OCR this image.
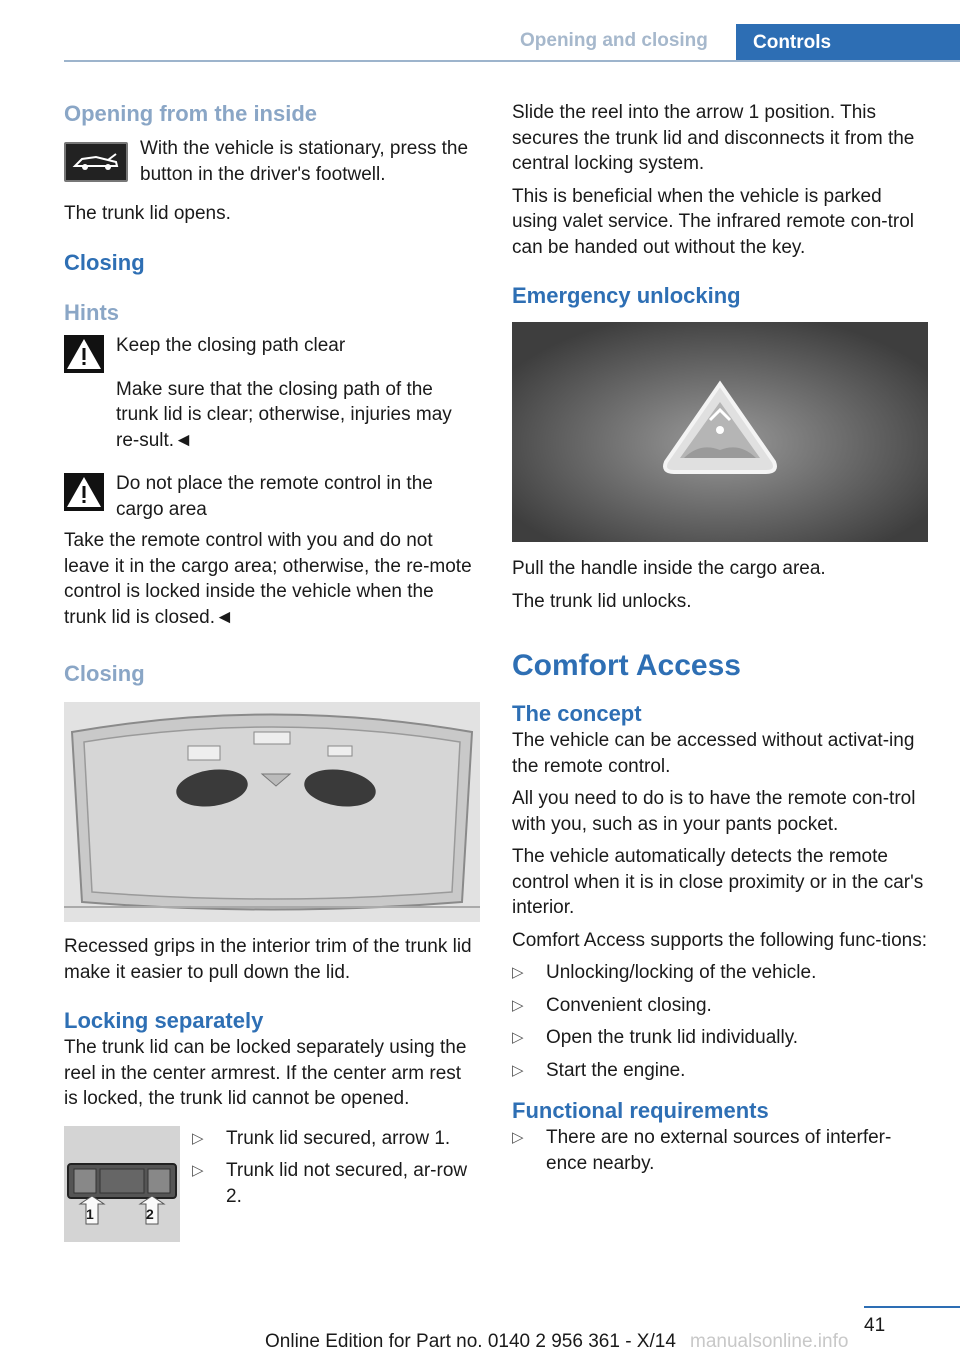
Opening and closing	Controls
Opening from the inside

With the vehicle is stationary, press the button in the driver's footwell.

The trunk lid opens.

Closing
Hints

Keep the closing path clear

Make sure that the closing path of the trunk lid is clear; otherwise, injuries may re-sult.◄

Do not place the remote control in the cargo area

Take the remote control with you and do not leave it in the cargo area; otherwise, the re-mote control is locked inside the vehicle when the trunk lid is closed.◄

Closing

Recessed grips in the interior trim of the trunk lid make it easier to pull down the lid.

Locking separately

The trunk lid can be locked separately using the reel in the center armrest. If the center arm rest is locked, the trunk lid cannot be opened.

1	2
▷ Trunk lid secured, arrow 1.
▷ Trunk lid not secured, ar-row 2.

Slide the reel into the arrow 1 position. This secures the trunk lid and disconnects it from the central locking system.

This is beneficial when the vehicle is parked using valet service. The infrared remote con-trol can be handed out without the key.

Emergency unlocking

Pull the handle inside the cargo area.

The trunk lid unlocks.

Comfort Access
The concept

The vehicle can be accessed without activat-ing the remote control.

All you need to do is to have the remote con-trol with you, such as in your pants pocket.

The vehicle automatically detects the remote control when it is in close proximity or in the car's interior.

Comfort Access supports the following func-tions:

▷ Unlocking/locking of the vehicle.
▷ Convenient closing.
▷ Open the trunk lid individually.
▷ Start the engine.
Functional requirements
▷ There are no external sources of interfer-ence nearby.
41
Online Edition for Part no. 0140 2 956 361 - X/14 manualsonline.info
